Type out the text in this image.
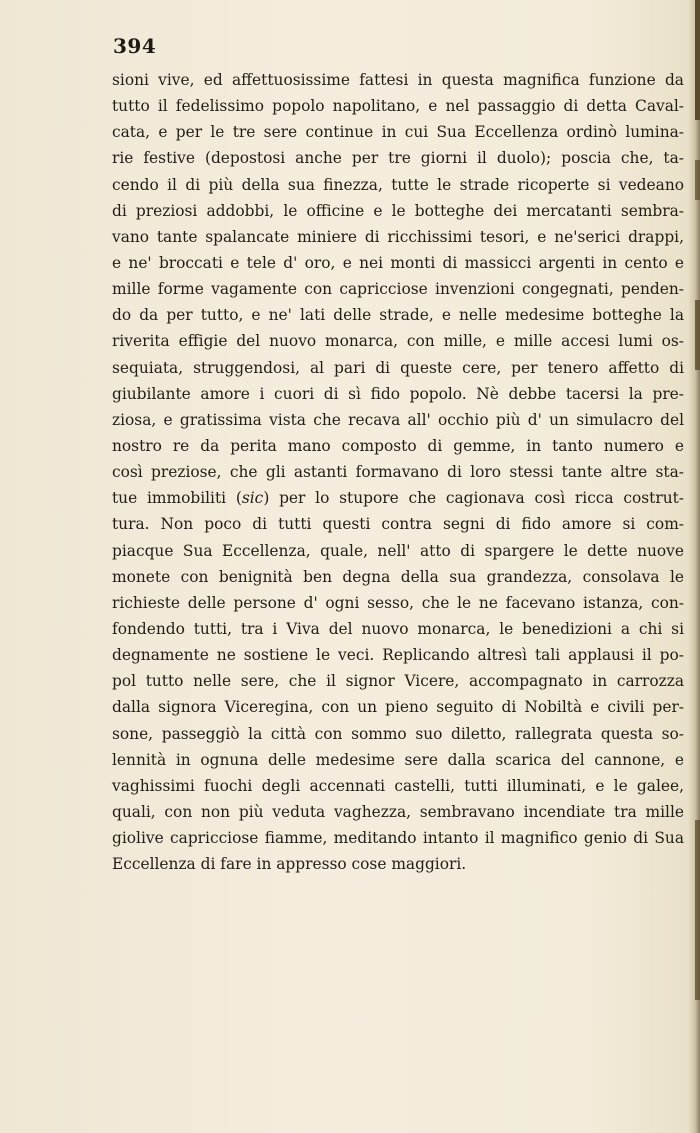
394
sioni vive, ed affettuosissime fattesi in questa magnifica funzione da
tutto il fedelissimo popolo napolitano, e nel passaggio di detta Caval-
cata, e per le tre sere continue in cui Sua Eccellenza ordinò lumina-
rie festive (depostosi anche per tre giorni il duolo); poscia che, ta-
cendo il di più della sua finezza, tutte le strade ricoperte si vedeano
di preziosi addobbi, le officine e le botteghe dei mercatanti sembra-
vano tante spalancate miniere di ricchissimi tesori, e ne'serici drappi,
e ne' broccati e tele d' oro, e nei monti di massicci argenti in cento e
mille forme vagamente con capricciose invenzioni congegnati, penden-
do da per tutto, e ne' lati delle strade, e nelle medesime botteghe la
riverita effigie del nuovo monarca, con mille, e mille accesi lumi os-
sequiata, struggendosi, al pari di queste cere, per tenero affetto di
giubilante amore i cuori di sì fido popolo. Nè debbe tacersi la pre-
ziosa, e gratissima vista che recava all' occhio più d' un simulacro del
nostro re da perita mano composto di gemme, in tanto numero e
così preziose, che gli astanti formavano di loro stessi tante altre sta-
tue immobiliti (sic) per lo stupore che cagionava così ricca costrut-
tura. Non poco di tutti questi contra segni di fido amore si com-
piacque Sua Eccellenza, quale, nell' atto di spargere le dette nuove
monete con benignità ben degna della sua grandezza, consolava le
richieste delle persone d' ogni sesso, che le ne facevano istanza, con-
fondendo tutti, tra i Viva del nuovo monarca, le benedizioni a chi si
degnamente ne sostiene le veci. Replicando altresì tali applausi il po-
pol tutto nelle sere, che il signor Vicere, accompagnato in carrozza
dalla signora Viceregina, con un pieno seguito di Nobiltà e civili per-
sone, passeggiò la città con sommo suo diletto, rallegrata questa so-
lennità in ognuna delle medesime sere dalla scarica del cannone, e
vaghissimi fuochi degli accennati castelli, tutti illuminati, e le galee,
quali, con non più veduta vaghezza, sembravano incendiate tra mille
giolive capricciose fiamme, meditando intanto il magnifico genio di Sua
Eccellenza di fare in appresso cose maggiori.
